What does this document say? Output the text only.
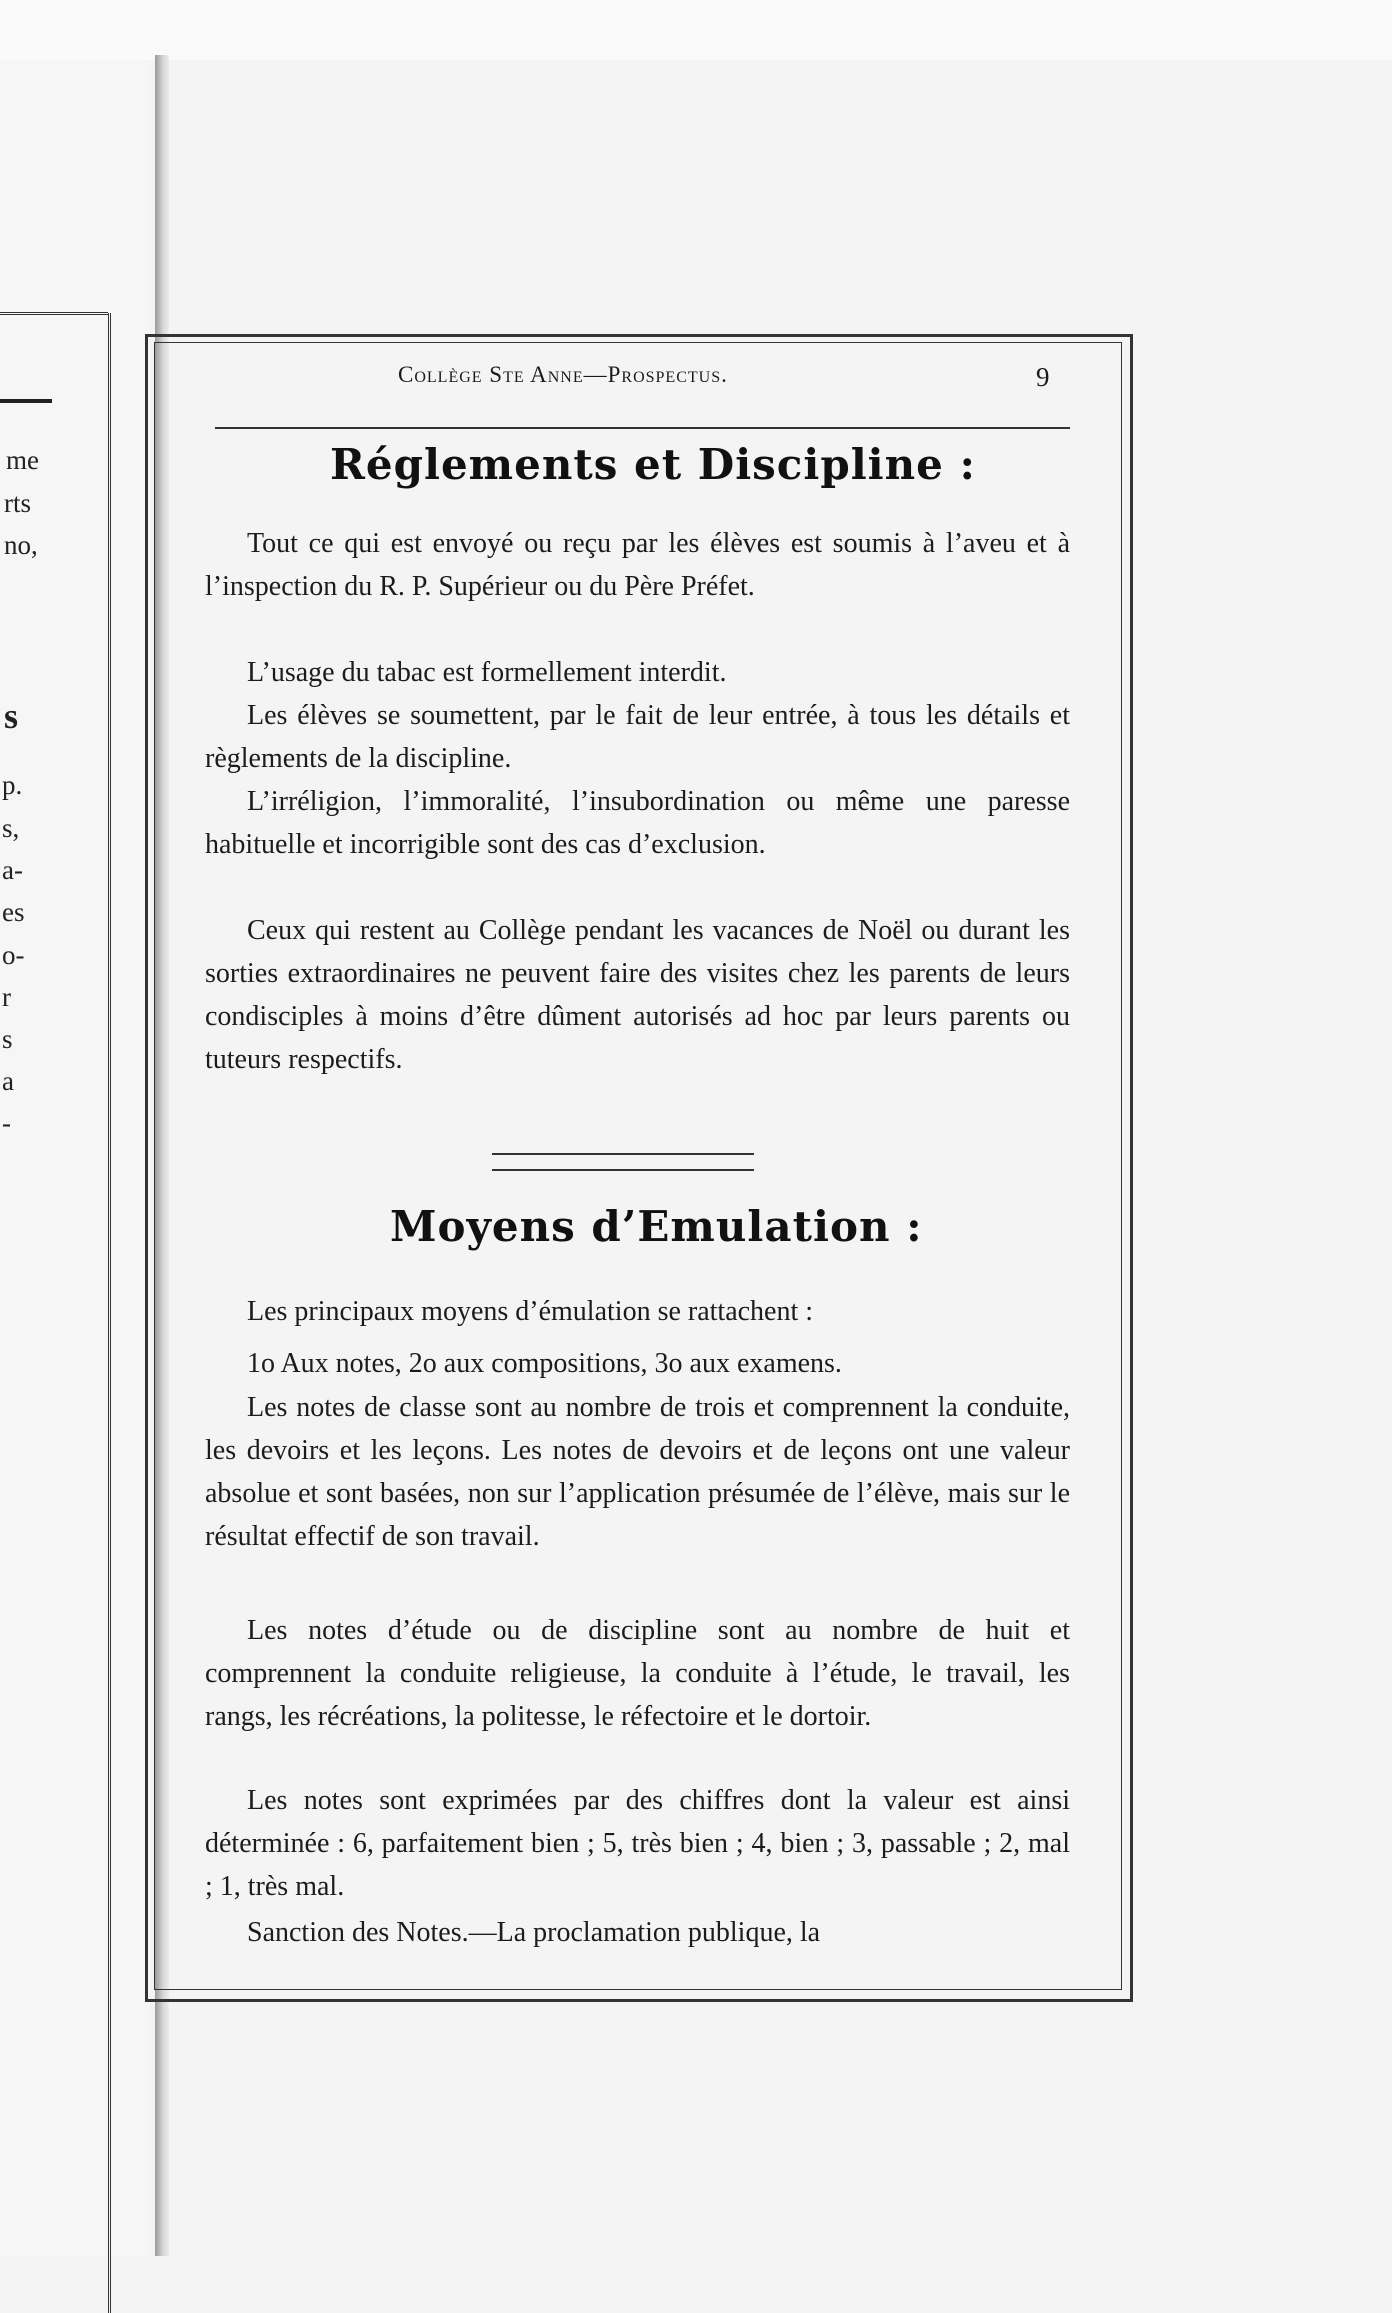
me
rts
no,
s
p.
s,
a-
es
o-
r
s
a
-
Collège Ste Anne—Prospectus.	9
Réglements et Discipline :
Tout ce qui est envoyé ou reçu par les élèves est soumis à l’aveu et à l’inspection du R. P. Supérieur ou du Père Préfet.
L’usage du tabac est formellement interdit.
Les élèves se soumettent, par le fait de leur entrée, à tous les détails et règlements de la discipline.
L’irréligion, l’immoralité, l’insubordination ou même une paresse habituelle et incorrigible sont des cas d’exclusion.
Ceux qui restent au Collège pendant les vacances de Noël ou durant les sorties extraordinaires ne peuvent faire des visites chez les parents de leurs condisciples à moins d’être dûment autorisés ad hoc par leurs parents ou tuteurs respectifs.
Moyens d’Emulation :
Les principaux moyens d’émulation se rattachent :
1o Aux notes, 2o aux compositions, 3o aux examens.
Les notes de classe sont au nombre de trois et comprennent la conduite, les devoirs et les leçons. Les notes de devoirs et de leçons ont une valeur absolue et sont basées, non sur l’application présumée de l’élève, mais sur le résultat effectif de son travail.
Les notes d’étude ou de discipline sont au nombre de huit et comprennent la conduite religieuse, la conduite à l’étude, le travail, les rangs, les récréations, la politesse, le réfectoire et le dortoir.
Les notes sont exprimées par des chiffres dont la valeur est ainsi déterminée : 6, parfaitement bien ; 5, très bien ; 4, bien ; 3, passable ; 2, mal ; 1, très mal.
Sanction des Notes.—La proclamation publique, la
